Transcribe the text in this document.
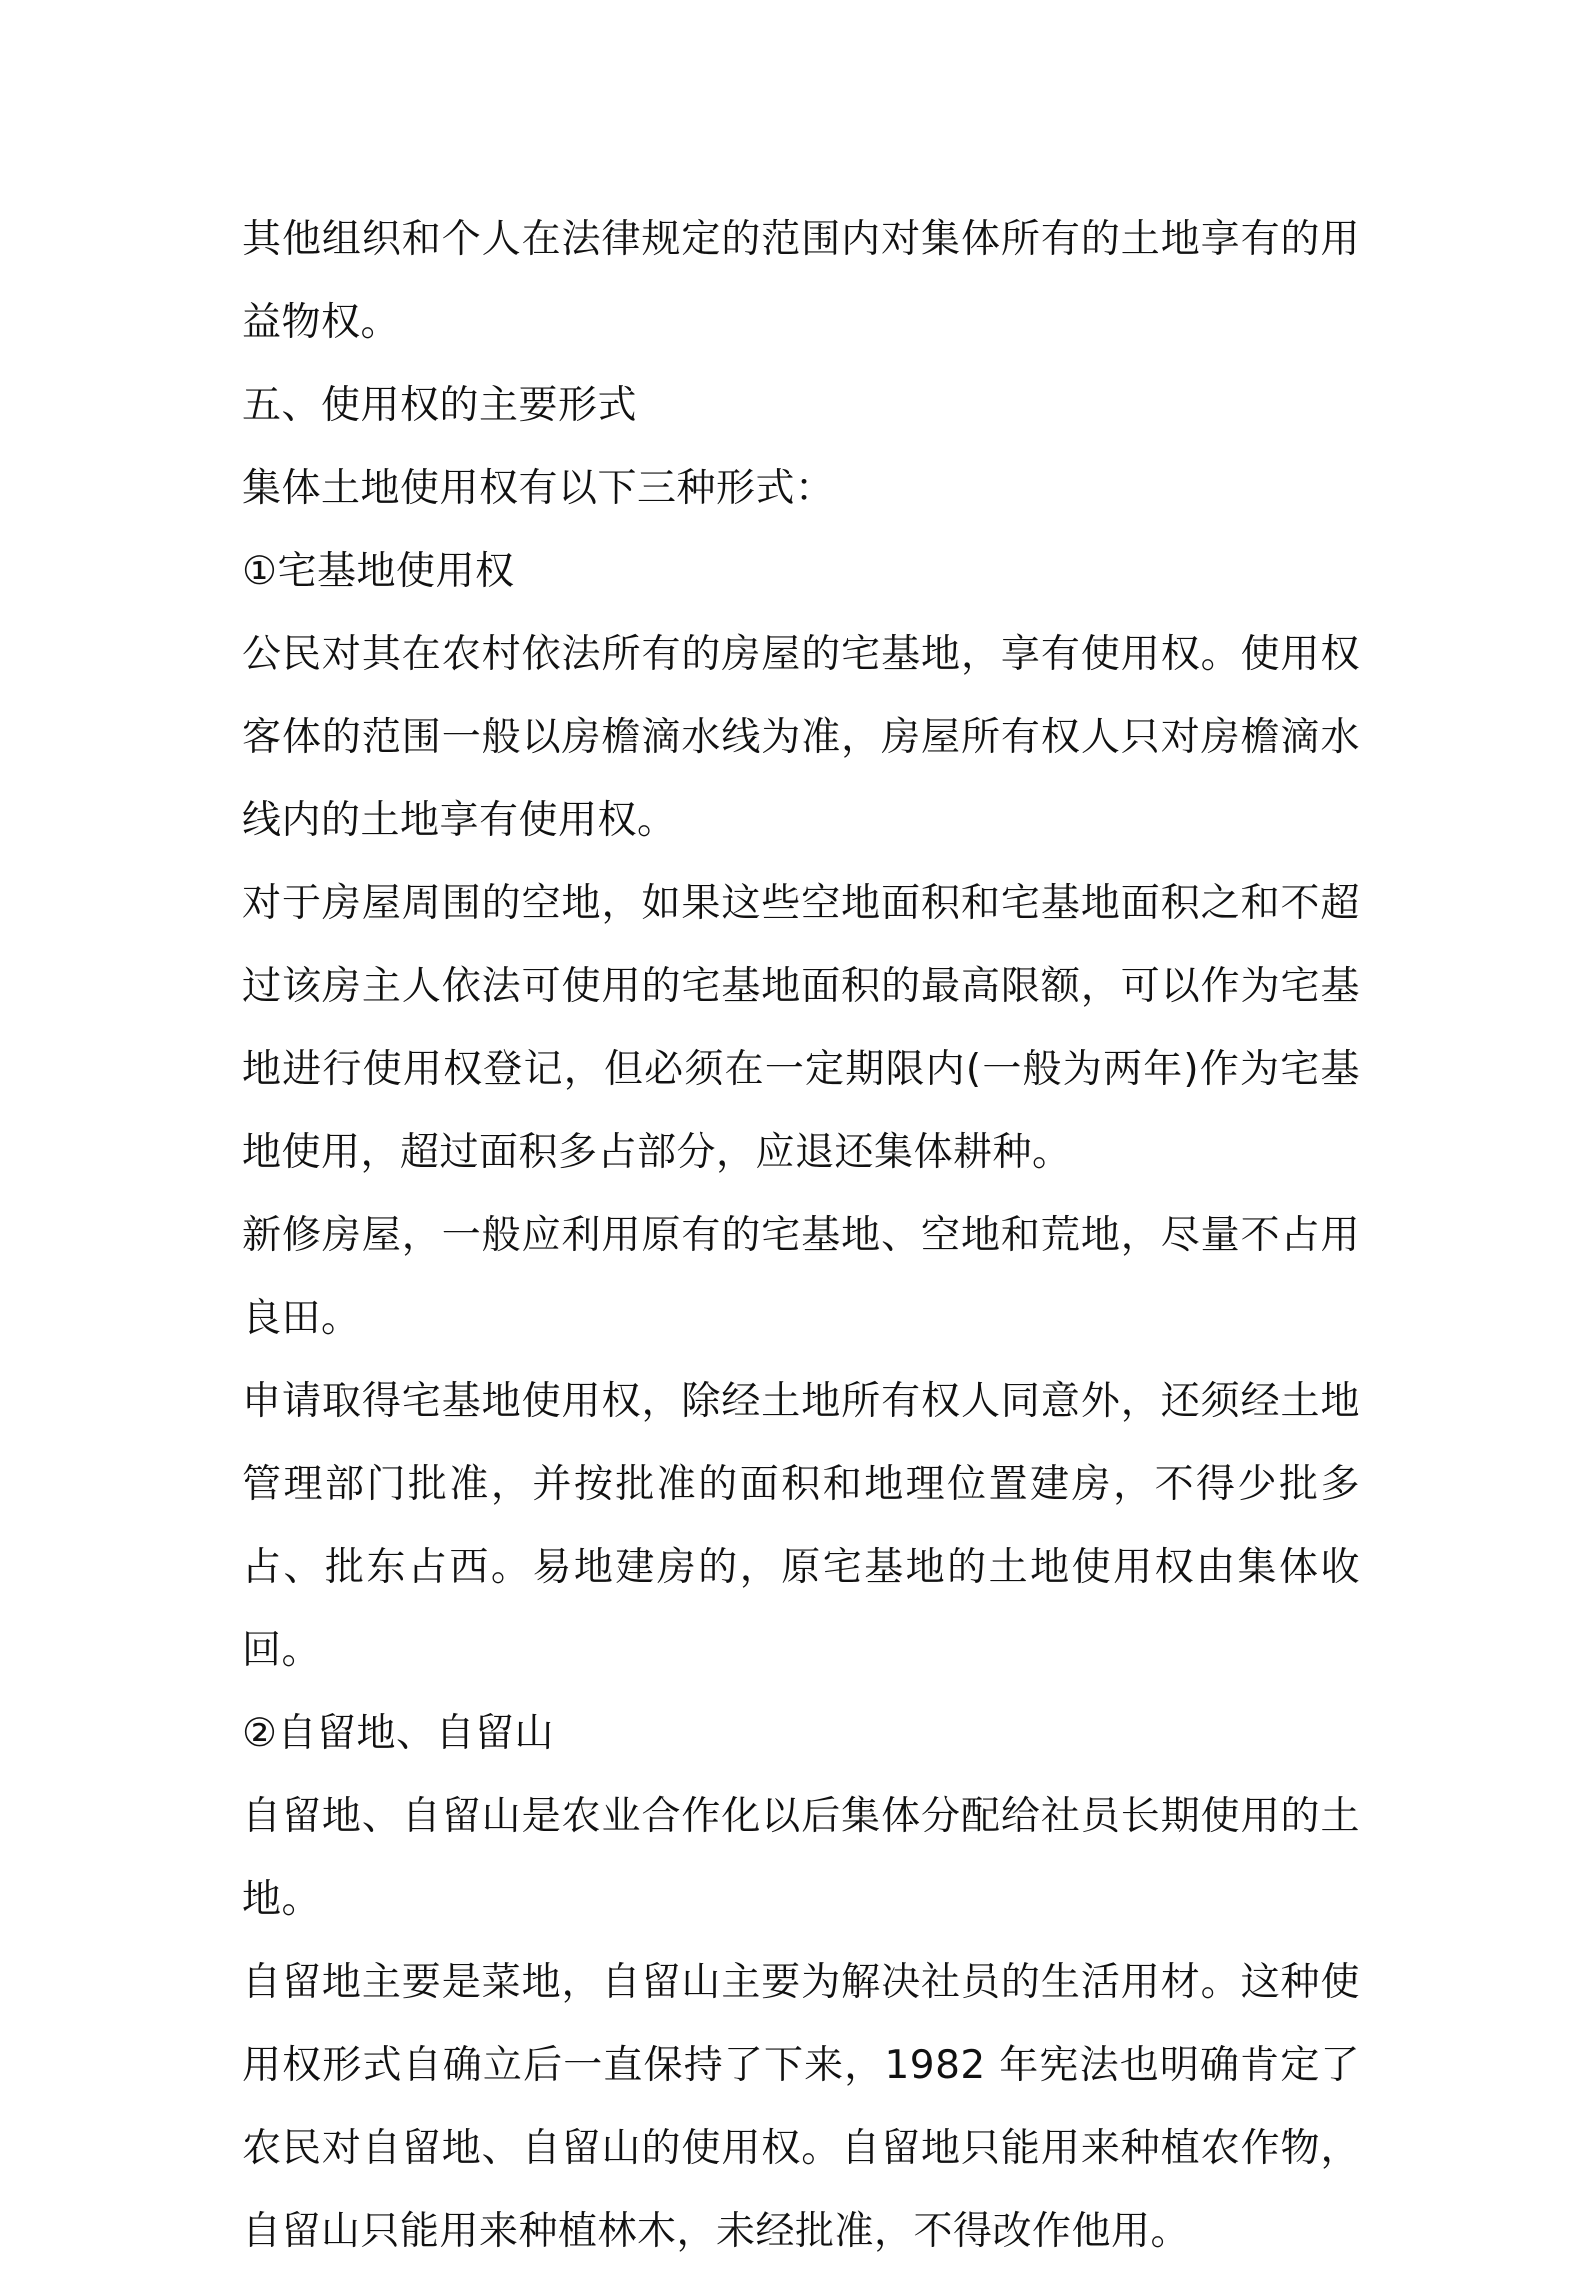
其他组织和个人在法律规定的范围内对集体所有的土地享有的用益物权。

五、使用权的主要形式

集体土地使用权有以下三种形式：

①宅基地使用权

公民对其在农村依法所有的房屋的宅基地，享有使用权。使用权客体的范围一般以房檐滴水线为准，房屋所有权人只对房檐滴水线内的土地享有使用权。

对于房屋周围的空地，如果这些空地面积和宅基地面积之和不超过该房主人依法可使用的宅基地面积的最高限额，可以作为宅基地进行使用权登记，但必须在一定期限内(一般为两年)作为宅基地使用，超过面积多占部分，应退还集体耕种。

新修房屋，一般应利用原有的宅基地、空地和荒地，尽量不占用良田。

申请取得宅基地使用权，除经土地所有权人同意外，还须经土地管理部门批准，并按批准的面积和地理位置建房，不得少批多占、批东占西。易地建房的，原宅基地的土地使用权由集体收回。

②自留地、自留山

自留地、自留山是农业合作化以后集体分配给社员长期使用的土地。

自留地主要是菜地，自留山主要为解决社员的生活用材。这种使用权形式自确立后一直保持了下来，1982 年宪法也明确肯定了农民对自留地、自留山的使用权。自留地只能用来种植农作物，自留山只能用来种植林木，未经批准，不得改作他用。
